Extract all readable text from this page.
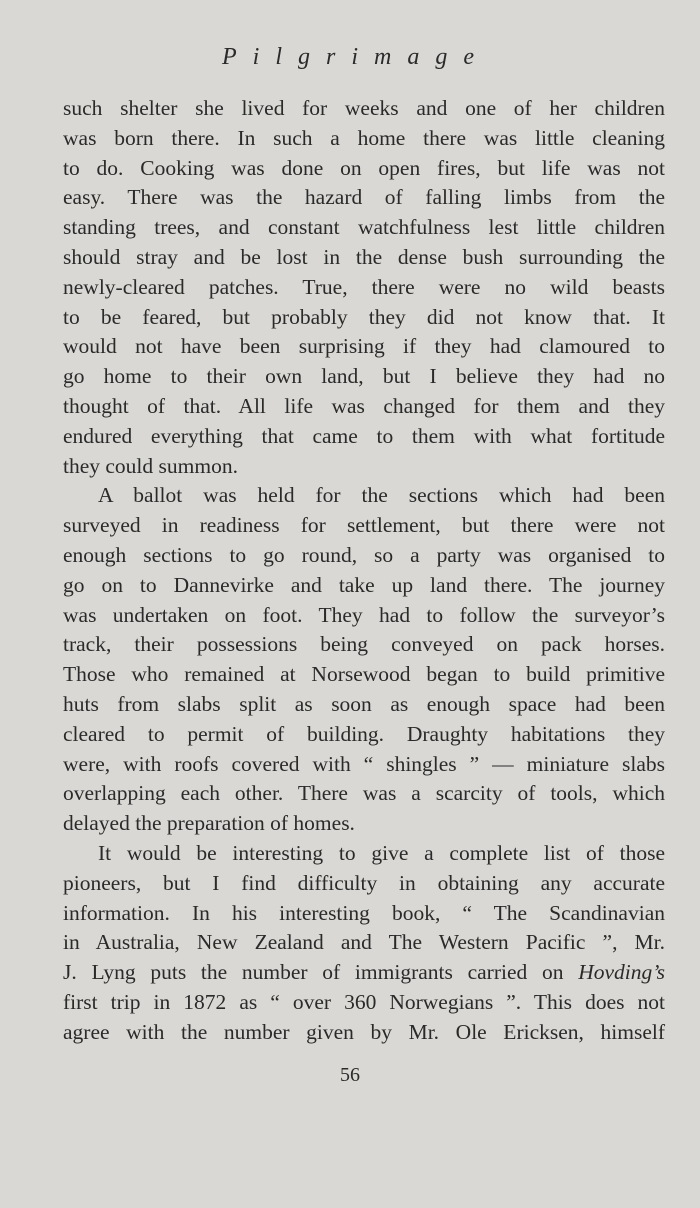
Pilgrimage
such shelter she lived for weeks and one of her children
was born there. In such a home there was little cleaning
to do. Cooking was done on open fires, but life was not
easy. There was the hazard of falling limbs from the
standing trees, and constant watchfulness lest little children
should stray and be lost in the dense bush surrounding the
newly-cleared patches. True, there were no wild beasts
to be feared, but probably they did not know that. It
would not have been surprising if they had clamoured to
go home to their own land, but I believe they had no
thought of that. All life was changed for them and they
endured everything that came to them with what fortitude
they could summon.
A ballot was held for the sections which had been
surveyed in readiness for settlement, but there were not
enough sections to go round, so a party was organised to
go on to Dannevirke and take up land there. The journey
was undertaken on foot. They had to follow the surveyor’s
track, their possessions being conveyed on pack horses.
Those who remained at Norsewood began to build primitive
huts from slabs split as soon as enough space had been
cleared to permit of building. Draughty habitations they
were, with roofs covered with “ shingles ” — miniature slabs
overlapping each other. There was a scarcity of tools, which
delayed the preparation of homes.
It would be interesting to give a complete list of those
pioneers, but I find difficulty in obtaining any accurate
information. In his interesting book, “ The Scandinavian
in Australia, New Zealand and The Western Pacific ”, Mr.
J. Lyng puts the number of immigrants carried on Hovding’s
first trip in 1872 as “ over 360 Norwegians ”. This does not
agree with the number given by Mr. Ole Ericksen, himself
56
